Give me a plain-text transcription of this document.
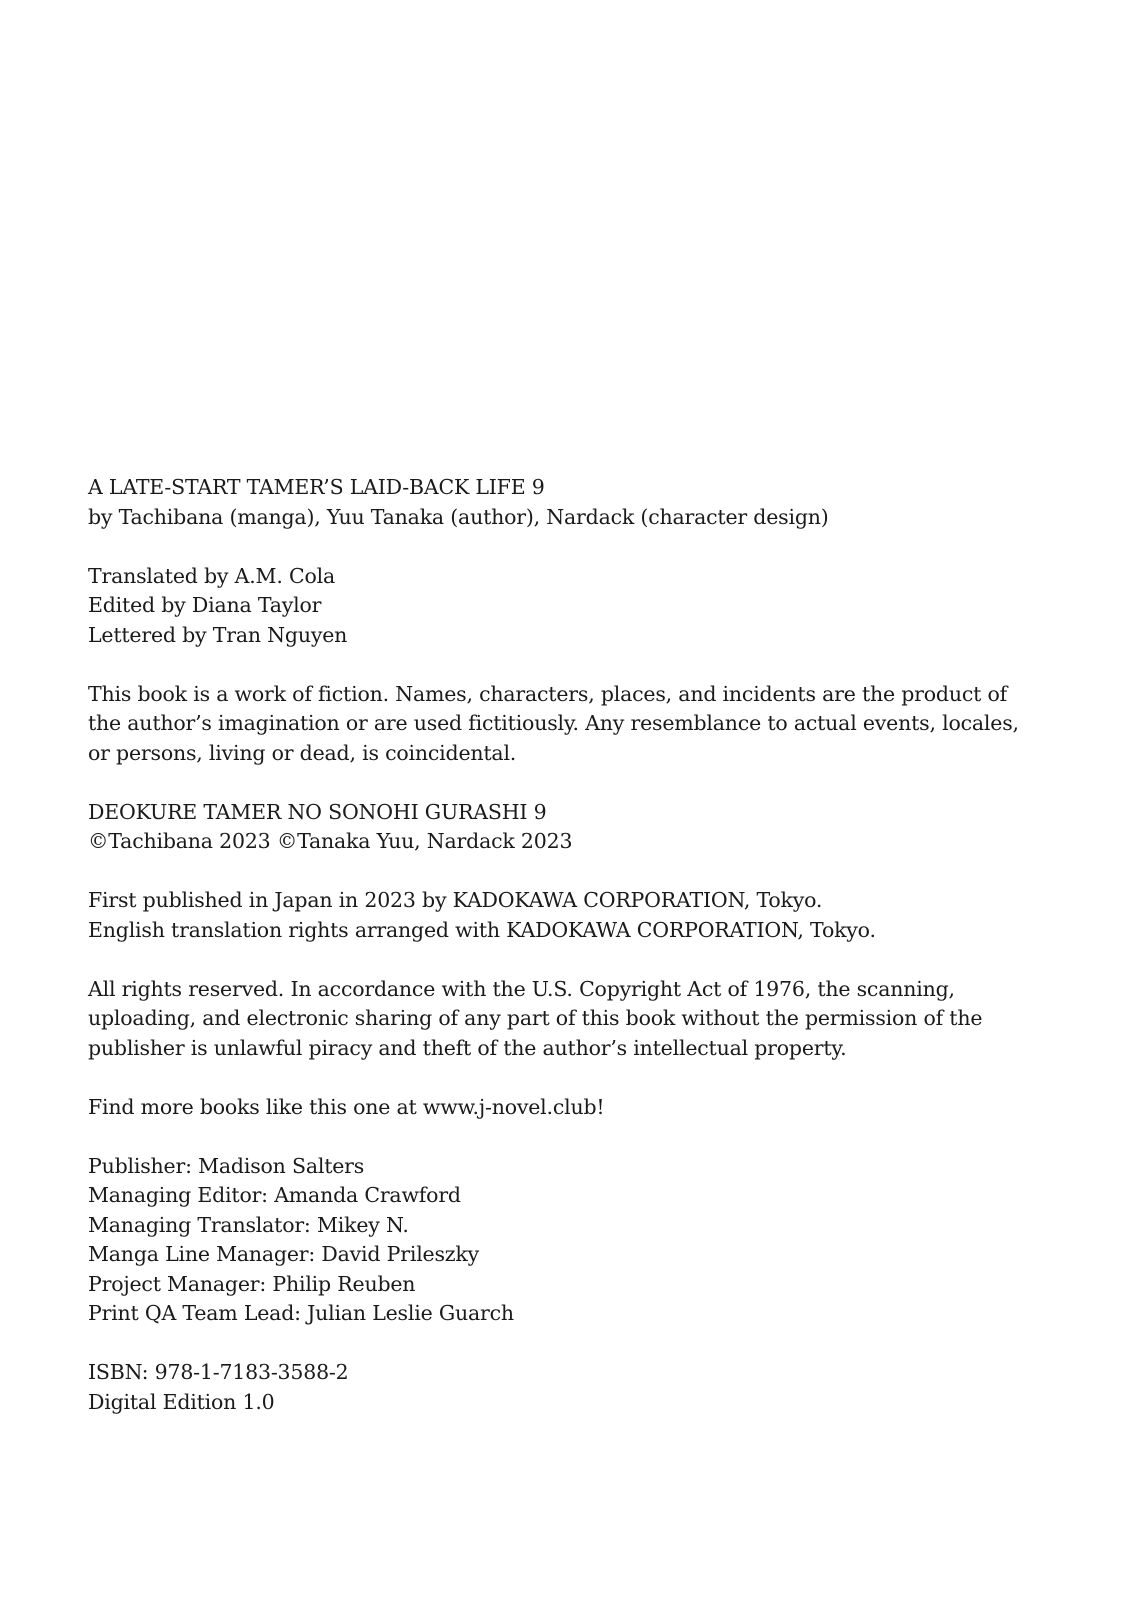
A LATE-START TAMER’S LAID-BACK LIFE 9
by Tachibana (manga), Yuu Tanaka (author), Nardack (character design)
Translated by A.M. Cola
Edited by Diana Taylor
Lettered by Tran Nguyen
This book is a work of fiction. Names, characters, places, and incidents are the product of
the author’s imagination or are used fictitiously. Any resemblance to actual events, locales,
or persons, living or dead, is coincidental.
DEOKURE TAMER NO SONOHI GURASHI 9
©Tachibana 2023 ©Tanaka Yuu, Nardack 2023
First published in Japan in 2023 by KADOKAWA CORPORATION, Tokyo.
English translation rights arranged with KADOKAWA CORPORATION, Tokyo.
All rights reserved. In accordance with the U.S. Copyright Act of 1976, the scanning,
uploading, and electronic sharing of any part of this book without the permission of the
publisher is unlawful piracy and theft of the author’s intellectual property.
Find more books like this one at www.j-novel.club!
Publisher: Madison Salters
Managing Editor: Amanda Crawford
Managing Translator: Mikey N.
Manga Line Manager: David Prileszky
Project Manager: Philip Reuben
Print QA Team Lead: Julian Leslie Guarch
ISBN: 978-1-7183-3588-2
Digital Edition 1.0
